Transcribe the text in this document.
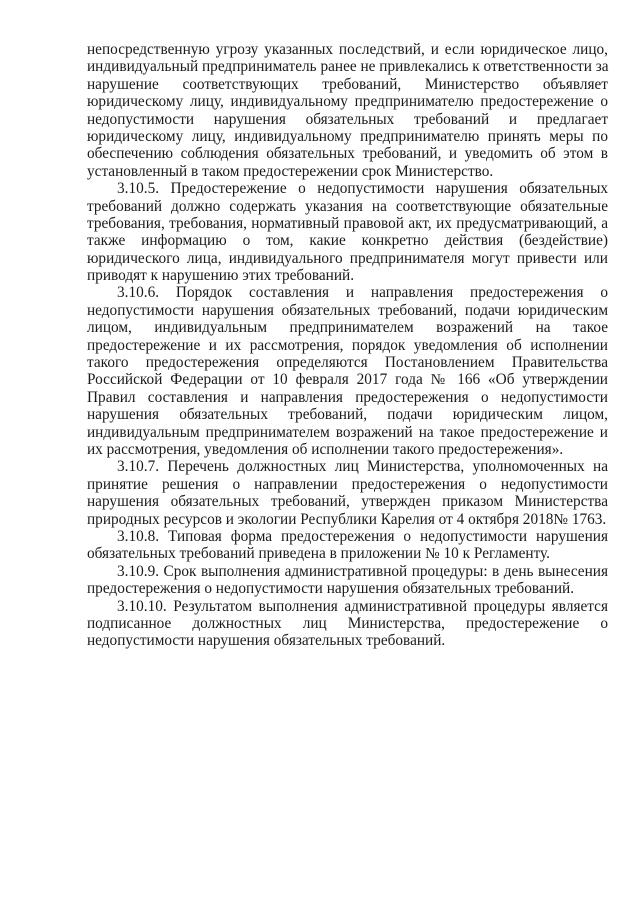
непосредственную угрозу указанных последствий, и если юридическое лицо,
индивидуальный предприниматель ранее не привлекались к ответственности за
нарушение соответствующих требований, Министерство объявляет
юридическому лицу, индивидуальному предпринимателю предостережение о
недопустимости нарушения обязательных требований и предлагает
юридическому лицу, индивидуальному предпринимателю принять меры по
обеспечению соблюдения обязательных требований, и уведомить об этом в
установленный в таком предостережении срок Министерство.
3.10.5. Предостережение о недопустимости нарушения обязательных
требований должно содержать указания на соответствующие обязательные
требования, требования, нормативный правовой акт, их предусматривающий, а
также информацию о том, какие конкретно действия (бездействие)
юридического лица, индивидуального предпринимателя могут привести или
приводят к нарушению этих требований.
3.10.6. Порядок составления и направления предостережения о
недопустимости нарушения обязательных требований, подачи юридическим
лицом, индивидуальным предпринимателем возражений на такое
предостережение и их рассмотрения, порядок уведомления об исполнении
такого предостережения определяются Постановлением Правительства
Российской Федерации от 10 февраля 2017 года № 166 «Об утверждении
Правил составления и направления предостережения о недопустимости
нарушения обязательных требований, подачи юридическим лицом,
индивидуальным предпринимателем возражений на такое предостережение и
их рассмотрения, уведомления об исполнении такого предостережения».
3.10.7. Перечень должностных лиц Министерства, уполномоченных на
принятие решения о направлении предостережения о недопустимости
нарушения обязательных требований, утвержден приказом Министерства
природных ресурсов и экологии Республики Карелия от 4 октября 2018№ 1763.
3.10.8. Типовая форма предостережения о недопустимости нарушения
обязательных требований приведена в приложении № 10 к Регламенту.
3.10.9. Срок выполнения административной процедуры: в день вынесения
предостережения о недопустимости нарушения обязательных требований.
3.10.10. Результатом выполнения административной процедуры является
подписанное должностных лиц Министерства, предостережение о
недопустимости нарушения обязательных требований.
